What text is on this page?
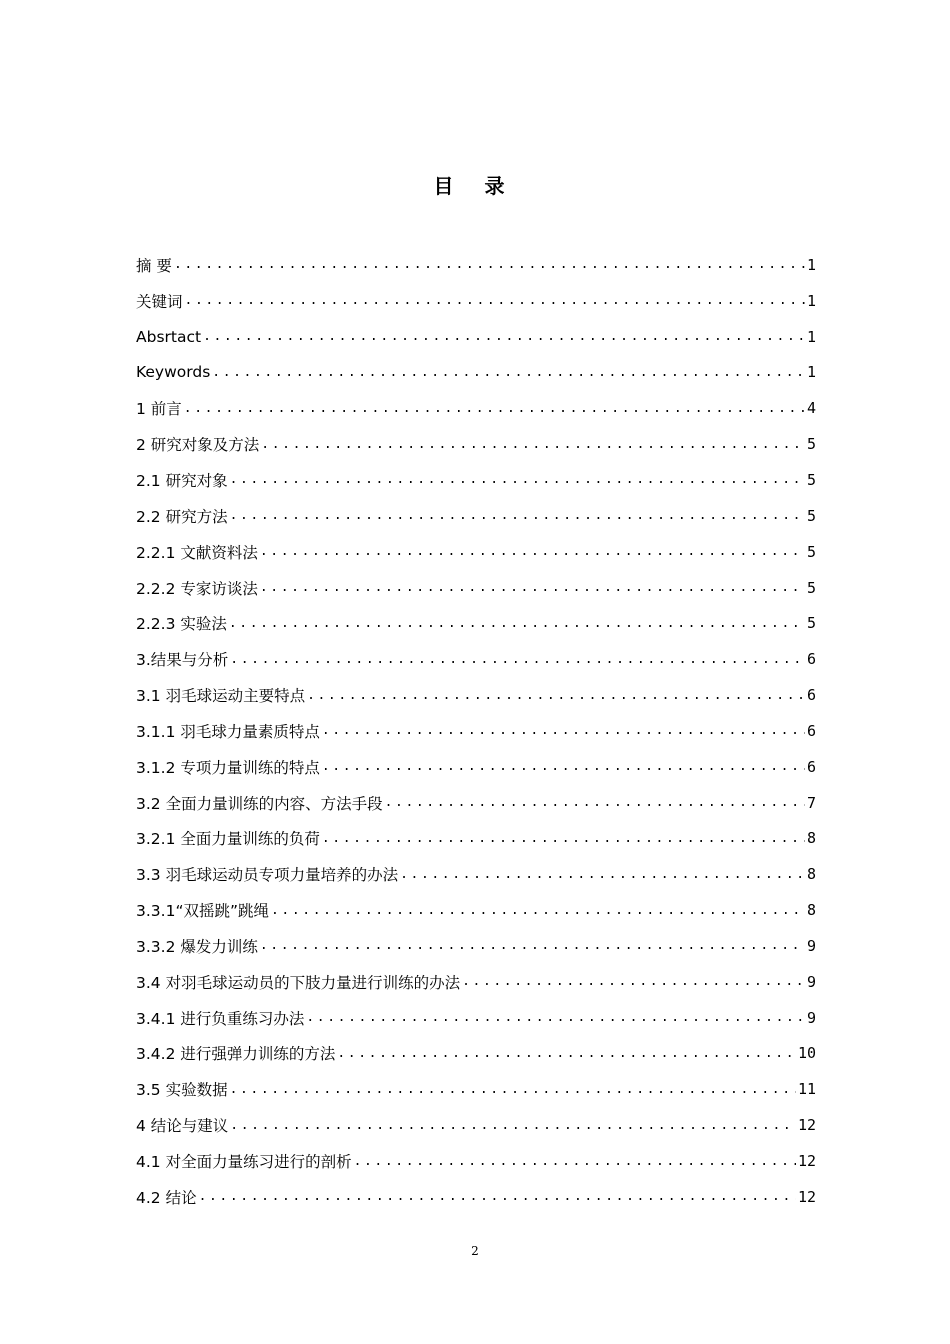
目 录
摘 要 .....	1
关键词 .....	1
Absrtact .....	1
Keywords .....	1
1 前言 .....	4
2 研究对象及方法 .....	5
2.1 研究对象 .....	5
2.2 研究方法 .....	5
2.2.1 文献资料法 .....	5
2.2.2 专家访谈法 .....	5
2.2.3 实验法 .....	5
3.结果与分析 .....	6
3.1 羽毛球运动主要特点 .....	6
3.1.1 羽毛球力量素质特点 .....	6
3.1.2 专项力量训练的特点 .....	6
3.2 全面力量训练的内容、方法手段 .....	7
3.2.1 全面力量训练的负荷 .....	8
3.3 羽毛球运动员专项力量培养的办法 .....	8
3.3.1“双摇跳”跳绳 .....	8
3.3.2 爆发力训练 .....	9
3.4 对羽毛球运动员的下肢力量进行训练的办法 .....	9
3.4.1 进行负重练习办法 .....	9
3.4.2 进行强弹力训练的方法 .....	10
3.5 实验数据 .....	11
4 结论与建议 .....	12
4.1 对全面力量练习进行的剖析 .....	12
4.2 结论 .....	12
2
